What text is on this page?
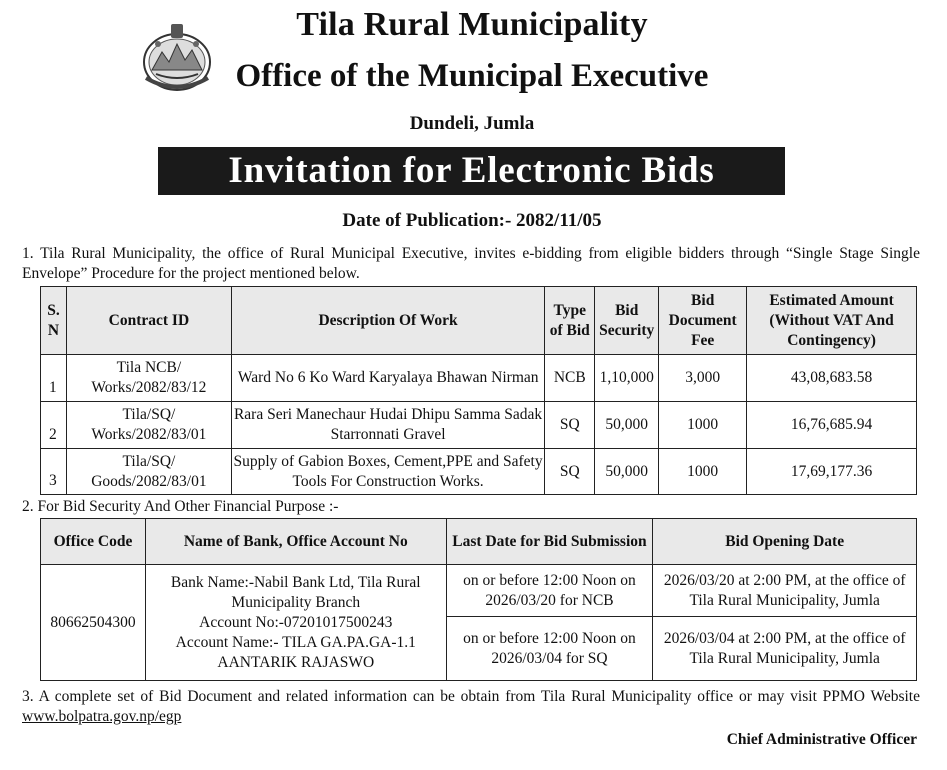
Tila Rural Municipality
Office of the Municipal Executive
Dundeli, Jumla
Invitation for Electronic Bids
Date of Publication:- 2082/11/05
1. Tila Rural Municipality, the office of Rural Municipal Executive, invites e-bidding from eligible bidders through “Single Stage Single Envelope” Procedure for the project mentioned below.
S. N	Contract ID	Description Of Work	Type of Bid	Bid Security	Bid Document Fee	Estimated Amount (Without VAT And Contingency)
1	Tila NCB/ Works/2082/83/12	Ward No 6 Ko Ward Karyalaya Bhawan Nirman	NCB	1,10,000	3,000	43,08,683.58
2	Tila/SQ/ Works/2082/83/01	Rara Seri Manechaur Hudai Dhipu Samma Sadak Starronnati Gravel	SQ	50,000	1000	16,76,685.94
3	Tila/SQ/ Goods/2082/83/01	Supply of Gabion Boxes, Cement,PPE and Safety Tools For Construction Works.	SQ	50,000	1000	17,69,177.36
2. For Bid Security And Other Financial Purpose :-
Office Code	Name of Bank, Office Account No	Last Date for Bid Submission	Bid Opening Date
80662504300	Bank Name:-Nabil Bank Ltd, Tila Rural
Municipality Branch
Account No:-07201017500243
Account Name:- TILA GA.PA.GA-1.1
AANTARIK RAJASWO	on or before 12:00 Noon on 2026/03/20 for NCB	2026/03/20 at 2:00 PM, at the office of Tila Rural Municipality, Jumla
		on or before 12:00 Noon on 2026/03/04 for SQ	2026/03/04 at 2:00 PM, at the office of Tila Rural Municipality, Jumla
3. A complete set of Bid Document and related information can be obtain from Tila Rural Municipality office or may visit PPMO Website www.bolpatra.gov.np/egp
Chief Administrative Officer
